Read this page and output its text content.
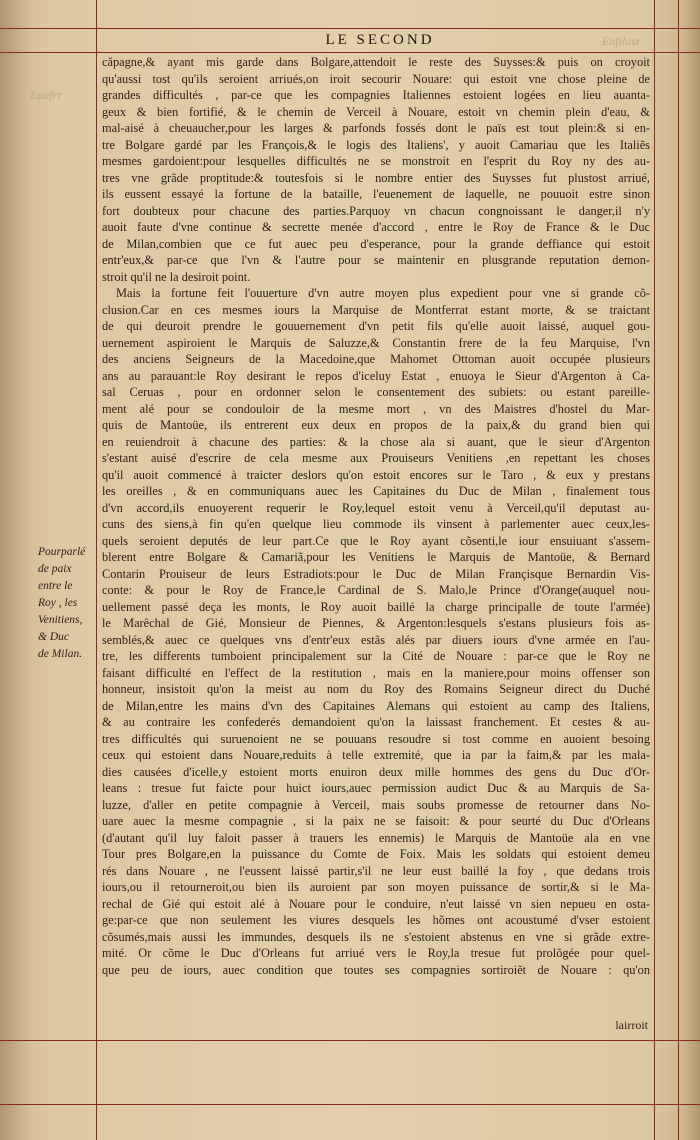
Enfilasr
Epafrr
LE SECOND
căpagne,& ayant mis garde dans Bolgare,attendoit le reste des Suysses:& puis on croyoit
qu'aussi tost qu'ils seroient arriués,on iroit secourir Nouare: qui estoit vne chose pleine de
grandes difficultés , par-ce que les compagnies Italiennes estoient logées en lieu auanta-
geux & bien fortifié, & le chemin de Verceil à Nouare, estoit vn chemin plein d'eau, &
mal-aisé à cheuaucher,pour les larges & parfonds fossés dont le païs est tout plein:& si en-
tre Bolgare gardé par les François,& le logis des Italiens', y auoit Camariau que les Italiẽs
mesmes gardoient:pour lesquelles difficultés ne se monstroit en l'esprit du Roy ny des au-
tres vne grãde proptitude:& toutesfois si le nombre entier des Suysses fut plustost arriué,
ils eussent essayé la fortune de la bataille, l'euenement de laquelle, ne pouuoit estre sinon
fort doubteux pour chacune des parties.Parquoy vn chacun congnoissant le danger,il n'y
auoit faute d'vne continue & secrette menée d'accord , entre le Roy de France & le Duc
de Milan,combien que ce fut auec peu d'esperance, pour la grande deffiance qui estoit
entr'eux,& par-ce que l'vn & l'autre pour se maintenir en plusgrande reputation demon-
stroit qu'il ne la desiroit point.
Mais la fortune feit l'ouuerture d'vn autre moyen plus expedient pour vne si grande cõ-
clusion.Car en ces mesmes iours la Marquise de Montferrat estant morte, & se traictant
de qui deuroit prendre le gouuernement d'vn petit fils qu'elle auoit laissé, auquel gou-
uernement aspiroient le Marquis de Saluzze,& Constantin frere de la feu Marquise, l'vn
des anciens Seigneurs de la Macedoine,que Mahomet Ottoman auoit occupée plusieurs
ans au parauant:le Roy desirant le repos d'iceluy Estat , enuoya le Sieur d'Argenton à Ca-
sal Ceruas , pour en ordonner selon le consentement des subiets: ou estant pareille-
ment alé pour se condouloir de la mesme mort , vn des Maistres d'hostel du Mar-
quis de Mantoüe, ils entrerent eux deux en propos de la paix,& du grand bien qui
en reuiendroit à chacune des parties: & la chose ala si auant, que le sieur d'Argenton
s'estant auisé d'escrire de cela mesme aux Prouiseurs Venitiens ,en repettant les choses
qu'il auoit commencé à traicter deslors qu'on estoit encores sur le Taro , & eux y prestans
les oreilles , & en communiquans auec les Capitaines du Duc de Milan , finalement tous
d'vn accord,ils enuoyerent requerir le Roy,lequel estoit venu à Verceil,qu'il deputast au-
cuns des siens,à fin qu'en quelque lieu commode ils vinsent à parlementer auec ceux,les-
quels seroient deputés de leur part.Ce que le Roy ayant cõsenti,le iour ensuiuant s'assem-
blerent entre Bolgare & Camariã,pour les Venitiens le Marquis de Mantoüe, & Bernard
Contarin Prouiseur de leurs Estradiots:pour le Duc de Milan Françisque Bernardin Vis-
conte: & pour le Roy de France,le Cardinal de S. Malo,le Prince d'Orange(auquel nou-
uellement passé deça les monts, le Roy auoit baillé la charge principalle de toute l'armée)
le Marêchal de Gié, Monsieur de Piennes, & Argenton:lesquels s'estans plusieurs fois as-
semblés,& auec ce quelques vns d'entr'eux estãs alés par diuers iours d'vne armée en l'au-
tre, les differents tumboient principalement sur la Cité de Nouare : par-ce que le Roy ne
faisant difficulté en l'effect de la restitution , mais en la maniere,pour moins offenser son
honneur, insistoit qu'on la meist au nom du Roy des Romains Seigneur direct du Duché
de Milan,entre les mains d'vn des Capitaines Alemans qui estoient au camp des Italiens,
& au contraire les confederés demandoient qu'on la laissast franchement. Et cestes & au-
tres difficultés qui suruenoient ne se pouuans resoudre si tost comme en auoient besoing
ceux qui estoient dans Nouare,reduits à telle extremité, que ia par la faim,& par les mala-
dies causées d'icelle,y estoient morts enuiron deux mille hommes des gens du Duc d'Or-
leans : tresue fut faicte pour huict iours,auec permission audict Duc & au Marquis de Sa-
luzze, d'aller en petite compagnie à Verceil, mais soubs promesse de retourner dans No-
uare auec la mesme compagnie , si la paix ne se faisoit: & pour seurté du Duc d'Orleans
(d'autant qu'il luy faloit passer à trauers les ennemis) le Marquis de Mantoüe ala en vne
Tour pres Bolgare,en la puissance du Comte de Foix. Mais les soldats qui estoient demeu
rés dans Nouare , ne l'eussent laissé partir,s'il ne leur eust baillé la foy , que dedans trois
iours,ou il retourneroit,ou bien ils auroient par son moyen puissance de sortir,& si le Ma-
rechal de Gié qui estoit alé à Nouare pour le conduire, n'eut laissé vn sien nepueu en osta-
ge:par-ce que non seulement les viures desquels les hõmes ont acoustumé d'vser estoient
cõsumés,mais aussi les immundes, desquels ils ne s'estoient abstenus en vne si grãde extre-
mité. Or cõme le Duc d'Orleans fut arriué vers le Roy,la tresue fut prolõgée pour quel-
que peu de iours, auec condition que toutes ses compagnies sortiroiẽt de Nouare : qu'on
Pourparlé
de paix
entre le
Roy , les
Venitiens,
& Duc
de Milan.
lairroit
